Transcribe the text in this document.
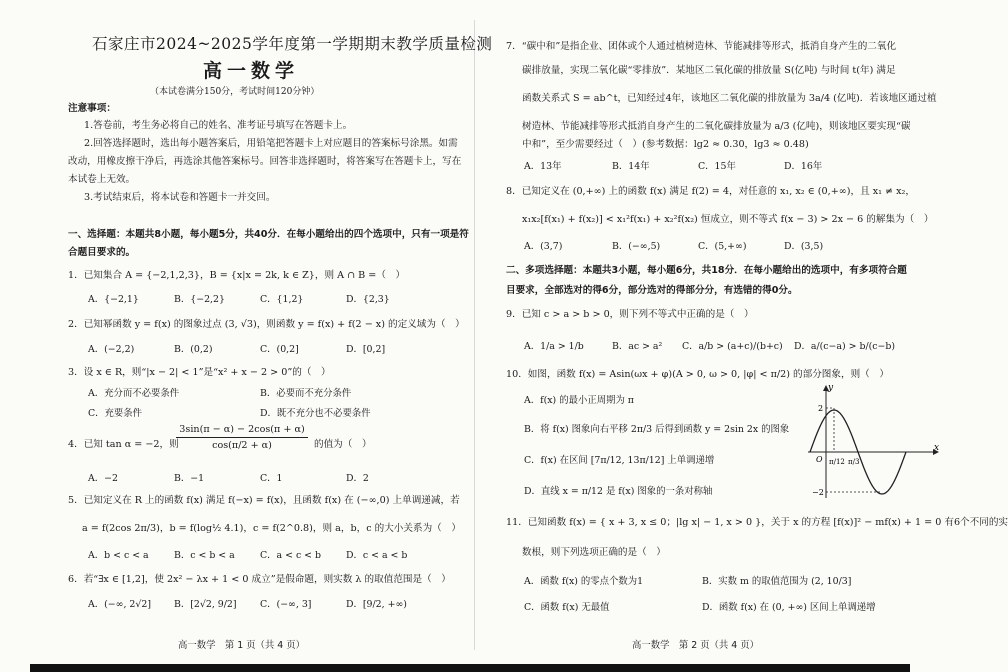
石家庄市2024~2025学年度第一学期期末教学质量检测
高一数学
（本试卷满分150分，考试时间120分钟）
注意事项：
1.答卷前，考生务必将自己的姓名、准考证号填写在答题卡上。
2.回答选择题时，选出每小题答案后，用铅笔把答题卡上对应题目的答案标号涂黑。如需
改动，用橡皮擦干净后，再选涂其他答案标号。回答非选择题时，将答案写在答题卡上，写在
本试卷上无效。
3.考试结束后，将本试卷和答题卡一并交回。
一、选择题：本题共8小题，每小题5分，共40分．在每小题给出的四个选项中，只有一项是符
合题目要求的。
1．已知集合 A = {−2,1,2,3}，B = {x|x = 2k, k ∈ Z}，则 A ∩ B =（　）
A．{−2,1}	B．{−2,2}	C．{1,2}	D．{2,3}
2．已知幂函数 y = f(x) 的图象过点 (3, √3)，则函数 y = f(x) + f(2 − x) 的定义域为（　）
A．(−2,2)	B．(0,2)	C．(0,2]	D．[0,2]
3．设 x ∈ R，则“|x − 2| < 1”是“x² + x − 2 > 0”的（　）
A．充分而不必要条件	B．必要而不充分条件
C．充要条件	D．既不充分也不必要条件
4．已知 tan α = −2，则
3sin(π − α) − 2cos(π + α)
cos(π/2 + α)	的值为（　）
A．−2	B．−1	C．1	D．2
5．已知定义在 R 上的函数 f(x) 满足 f(−x) = f(x)，且函数 f(x) 在 (−∞,0) 上单调递减，若
a = f(2cos 2π/3)，b = f(log½ 4.1)，c = f(2^0.8)，则 a，b，c 的大小关系为（　）
A．b < c < a	B．c < b < a	C．a < c < b	D．c < a < b
6．若“∃x ∈ [1,2]，使 2x² − λx + 1 < 0 成立”是假命题，则实数 λ 的取值范围是（　）
A．(−∞, 2√2] B．[2√2, 9/2] C．(−∞, 3]	D．[9/2, +∞)
高一数学　第 1 页（共 4 页）
7．“碳中和”是指企业、团体或个人通过植树造林、节能减排等形式，抵消自身产生的二氧化
碳排放量，实现二氧化碳“零排放”．某地区二氧化碳的排放量 S(亿吨) 与时间 t(年) 满足
函数关系式 S = ab^t，已知经过4年，该地区二氧化碳的排放量为 3a/4 (亿吨)．若该地区通过植
树造林、节能减排等形式抵消自身产生的二氧化碳排放量为 a/3 (亿吨)，则该地区要实现“碳
中和”，至少需要经过（　）(参考数据：lg2 ≈ 0.30，lg3 ≈ 0.48)
A．13年	B．14年	C．15年	D．16年
8．已知定义在 (0,+∞) 上的函数 f(x) 满足 f(2) = 4，对任意的 x₁, x₂ ∈ (0,+∞)，且 x₁ ≠ x₂，
x₁x₂[f(x₁) + f(x₂)] < x₁²f(x₁) + x₂²f(x₂) 恒成立，则不等式 f(x − 3) > 2x − 6 的解集为（　）
A．(3,7)	B．(−∞,5)	C．(5,+∞)	D．(3,5)
二、多项选择题：本题共3小题，每小题6分，共18分．在每小题给出的选项中，有多项符合题
目要求，全部选对的得6分，部分选对的得部分分，有选错的得0分。
9．已知 c > a > b > 0，则下列不等式中正确的是（　）
A．1/a > 1/b	B．ac > a² C．a/b > (a+c)/(b+c) D．a/(c−a) > b/(c−b)
10．如图，函数 f(x) = Asin(ωx + φ)(A > 0, ω > 0, |φ| < π/2) 的部分图象，则（　）
A．f(x) 的最小正周期为 π
B．将 f(x) 图象向右平移 2π/3 后得到函数 y = 2sin 2x 的图象
C．f(x) 在区间 [7π/12, 13π/12] 上单调递增
D．直线 x = π/12 是 f(x) 图象的一条对称轴
y
x
O
2
−2
π/12 π/3
11．已知函数 f(x) = { x + 3, x ≤ 0；|lg x| − 1, x > 0 }，关于 x 的方程 [f(x)]² − mf(x) + 1 = 0 有6个不同的实
数根，则下列选项正确的是（　）
A．函数 f(x) 的零点个数为1	B．实数 m 的取值范围为 (2, 10/3]
C．函数 f(x) 无最值	D．函数 f(x) 在 (0, +∞) 区间上单调递增
高一数学　第 2 页（共 4 页）
